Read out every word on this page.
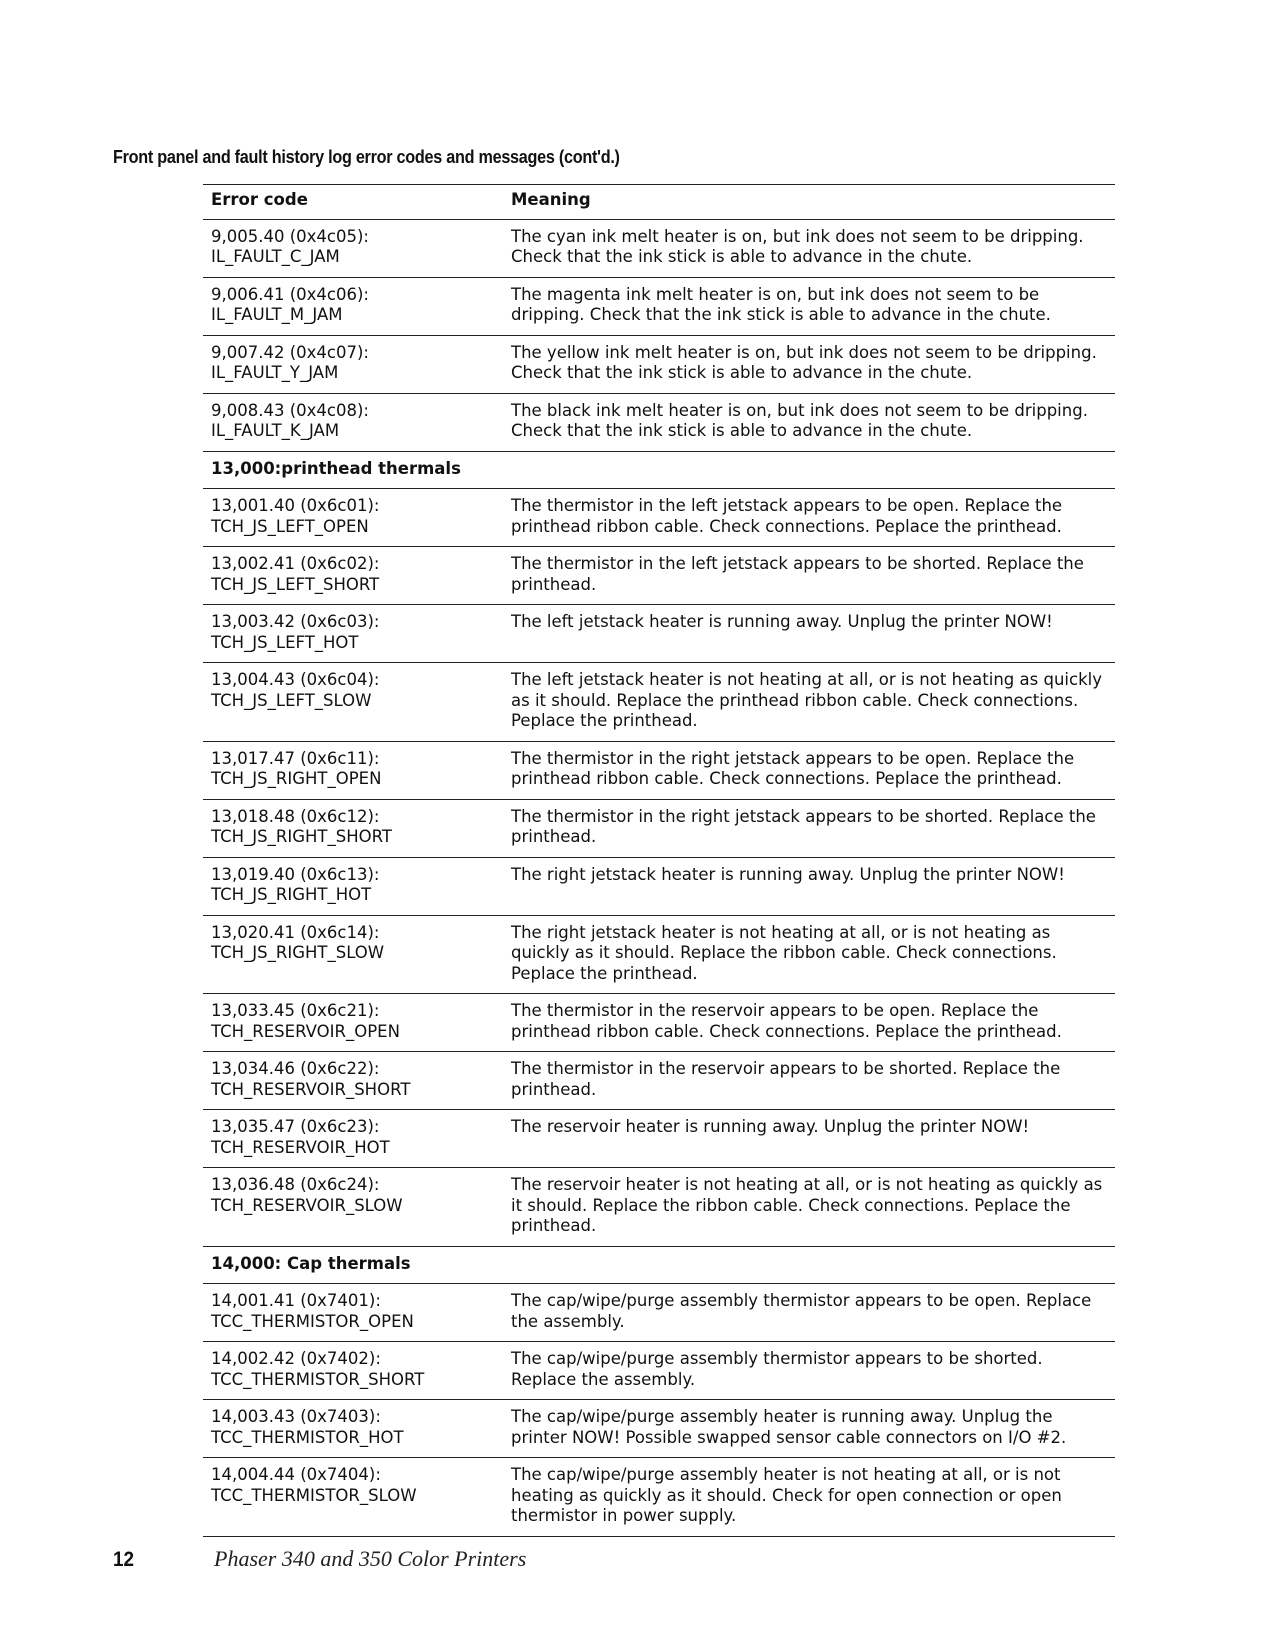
Front panel and fault history log error codes and messages (cont'd.)
Error code	Meaning
9,005.40 (0x4c05):
IL_FAULT_C_JAM	The cyan ink melt heater is on, but ink does not seem to be dripping. Check that the ink stick is able to advance in the chute.
9,006.41 (0x4c06):
IL_FAULT_M_JAM	The magenta ink melt heater is on, but ink does not seem to be dripping. Check that the ink stick is able to advance in the chute.
9,007.42 (0x4c07):
IL_FAULT_Y_JAM	The yellow ink melt heater is on, but ink does not seem to be dripping. Check that the ink stick is able to advance in the chute.
9,008.43 (0x4c08):
IL_FAULT_K_JAM	The black ink melt heater is on, but ink does not seem to be dripping. Check that the ink stick is able to advance in the chute.
13,000:printhead thermals	
13,001.40 (0x6c01):
TCH_JS_LEFT_OPEN	The thermistor in the left jetstack appears to be open. Replace the printhead ribbon cable. Check connections. Peplace the printhead.
13,002.41 (0x6c02):
TCH_JS_LEFT_SHORT	The thermistor in the left jetstack appears to be shorted. Replace the printhead.
13,003.42 (0x6c03):
TCH_JS_LEFT_HOT	The left jetstack heater is running away. Unplug the printer NOW!
13,004.43 (0x6c04):
TCH_JS_LEFT_SLOW	The left jetstack heater is not heating at all, or is not heating as quickly as it should. Replace the printhead ribbon cable. Check connections. Peplace the printhead.
13,017.47 (0x6c11):
TCH_JS_RIGHT_OPEN	The thermistor in the right jetstack appears to be open. Replace the printhead ribbon cable. Check connections. Peplace the printhead.
13,018.48 (0x6c12):
TCH_JS_RIGHT_SHORT	The thermistor in the right jetstack appears to be shorted. Replace the printhead.
13,019.40 (0x6c13):
TCH_JS_RIGHT_HOT	The right jetstack heater is running away. Unplug the printer NOW!
13,020.41 (0x6c14):
TCH_JS_RIGHT_SLOW	The right jetstack heater is not heating at all, or is not heating as quickly as it should. Replace the ribbon cable. Check connections. Peplace the printhead.
13,033.45 (0x6c21):
TCH_RESERVOIR_OPEN	The thermistor in the reservoir appears to be open. Replace the printhead ribbon cable. Check connections. Peplace the printhead.
13,034.46 (0x6c22):
TCH_RESERVOIR_SHORT	The thermistor in the reservoir appears to be shorted. Replace the printhead.
13,035.47 (0x6c23):
TCH_RESERVOIR_HOT	The reservoir heater is running away. Unplug the printer NOW!
13,036.48 (0x6c24):
TCH_RESERVOIR_SLOW	The reservoir heater is not heating at all, or is not heating as quickly as it should. Replace the ribbon cable. Check connections. Peplace the printhead.
14,000: Cap thermals	
14,001.41 (0x7401):
TCC_THERMISTOR_OPEN	The cap/wipe/purge assembly thermistor appears to be open. Replace the assembly.
14,002.42 (0x7402):
TCC_THERMISTOR_SHORT	The cap/wipe/purge assembly thermistor appears to be shorted. Replace the assembly.
14,003.43 (0x7403):
TCC_THERMISTOR_HOT	The cap/wipe/purge assembly heater is running away. Unplug the printer NOW! Possible swapped sensor cable connectors on I/O #2.
14,004.44 (0x7404):
TCC_THERMISTOR_SLOW	The cap/wipe/purge assembly heater is not heating at all, or is not heating as quickly as it should. Check for open connection or open thermistor in power supply.
12	Phaser 340 and 350 Color Printers
